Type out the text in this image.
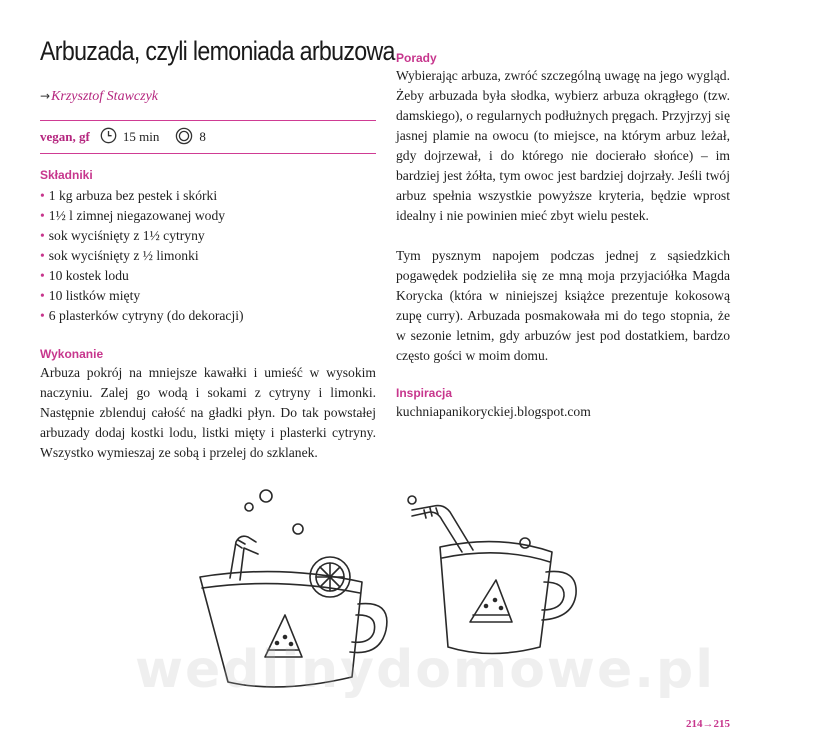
Arbuzada, czyli lemoniada arbuzowa
→Krzysztof Stawczyk
vegan, gf	15 min	8
Składniki
• 1 kg arbuza bez pestek i skórki
• 1½ l zimnej niegazowanej wody
• sok wyciśnięty z 1½ cytryny
• sok wyciśnięty z ½ limonki
• 10 kostek lodu
• 10 listków mięty
• 6 plasterków cytryny (do dekoracji)
Wykonanie

Arbuza pokrój na mniejsze kawałki i umieść w wysokim naczyniu. Zalej go wodą i sokami z cytryny i limonki. Następnie zblenduj całość na gładki płyn. Do tak powstałej arbuzady dodaj kostki lodu, listki mięty i plasterki cytryny. Wszystko wymieszaj ze sobą i przelej do szklanek.

Porady

Wybierając arbuza, zwróć szczególną uwagę na jego wygląd. Żeby arbuzada była słodka, wybierz arbuza okrągłego (tzw. damskiego), o regularnych podłużnych pręgach. Przyjrzyj się jasnej plamie na owocu (to miejsce, na którym arbuz leżał, gdy dojrzewał, i do którego nie docierało słońce) – im bardziej jest żółta, tym owoc jest bardziej dojrzały. Jeśli twój arbuz spełnia wszystkie powyższe kryteria, będzie wprost idealny i nie powinien mieć zbyt wielu pestek.

Tym pysznym napojem podczas jednej z sąsiedzkich pogawędek podzieliła się ze mną moja przyjaciółka Magda Korycka (która w niniejszej książce prezentuje kokosową zupę curry). Arbuzada posmakowała mi do tego stopnia, że w sezonie letnim, gdy arbuzów jest pod dostatkiem, bardzo często gości w moim domu.

Inspiracja

kuchniapanikoryckiej.blogspot.com

wedlinydomowe.pl
214→215
